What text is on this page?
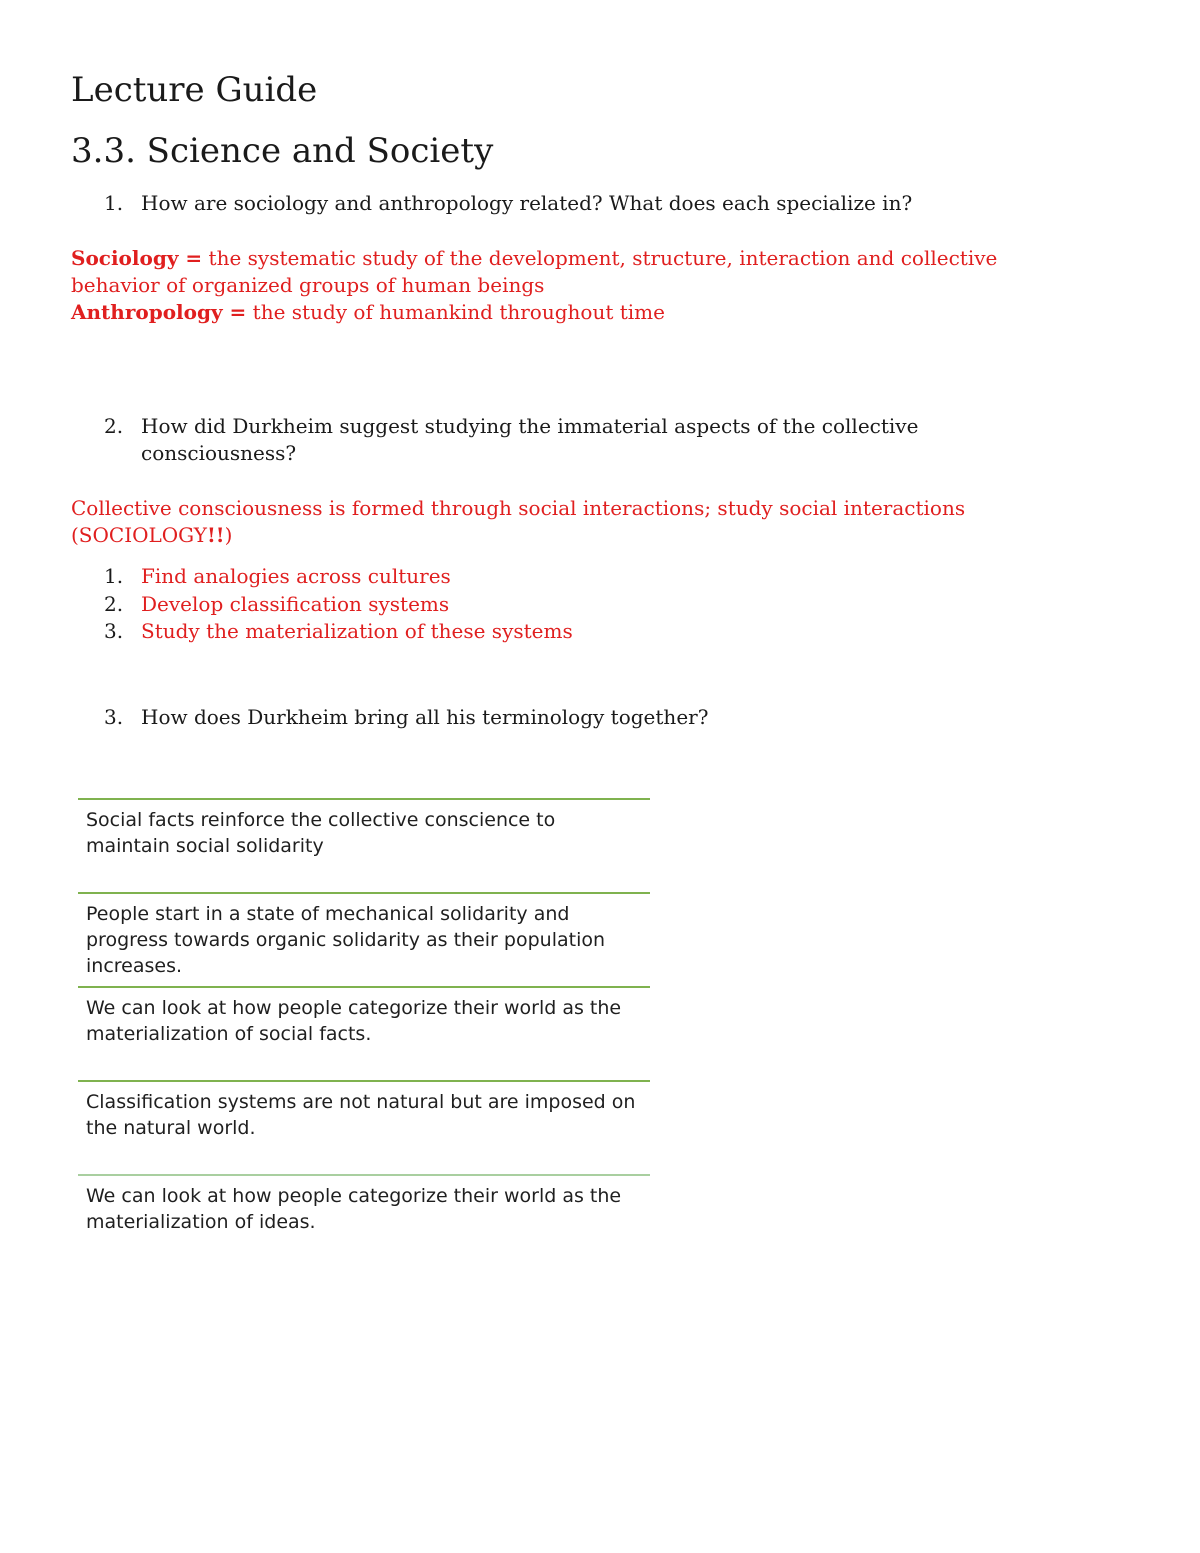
Lecture Guide
3.3. Science and Society
1. How are sociology and anthropology related? What does each specialize in?
Sociology = the systematic study of the development, structure, interaction and collective behavior of organized groups of human beings
Anthropology = the study of humankind throughout time
2. How did Durkheim suggest studying the immaterial aspects of the collective consciousness?
Collective consciousness is formed through social interactions; study social interactions (SOCIOLOGY!!)
1. Find analogies across cultures
2. Develop classification systems
3. Study the materialization of these systems
3. How does Durkheim bring all his terminology together?
Social facts reinforce the collective conscience to maintain social solidarity
People start in a state of mechanical solidarity and progress towards organic solidarity as their population increases.
We can look at how people categorize their world as the materialization of social facts.
Classification systems are not natural but are imposed on the natural world.
We can look at how people categorize their world as the materialization of ideas.
